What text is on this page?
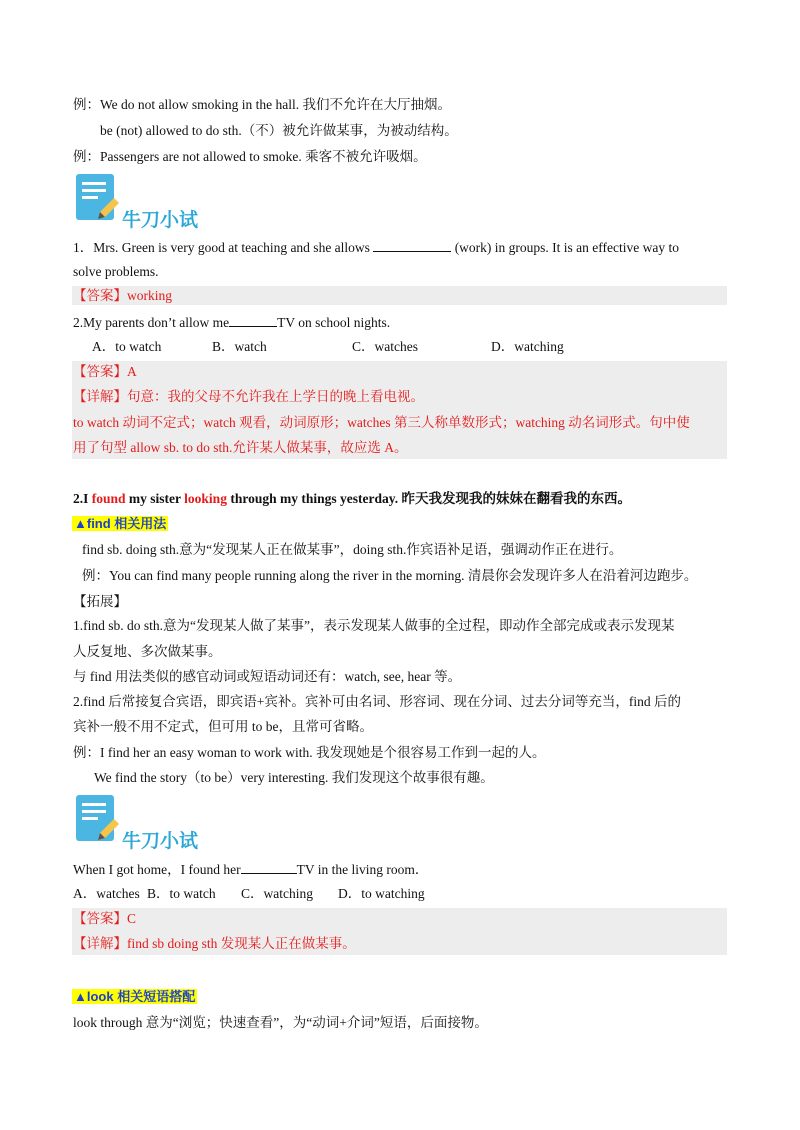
例：We do not allow smoking in the hall. 我们不允许在大厅抽烟。
be (not) allowed to do sth.（不）被允许做某事，为被动结构。
例：Passengers are not allowed to smoke. 乘客不被允许吸烟。
牛刀小试
1．Mrs. Green is very good at teaching and she allows	(work) in groups. It is an effective way to
solve problems.
【答案】working
2.My parents don’t allow me	TV on school nights.
A．to watch	B．watch	C．watches	D．watching
【答案】A
【详解】句意：我的父母不允许我在上学日的晚上看电视。
to watch 动词不定式；watch 观看，动词原形；watches 第三人称单数形式；watching 动名词形式。句中使
用了句型 allow sb. to do sth.允许某人做某事，故应选 A。
2.I found my sister looking through my things yesterday. 昨天我发现我的妹妹在翻看我的东西。
▲find 相关用法
find sb. doing sth.意为“发现某人正在做某事”，doing sth.作宾语补足语，强调动作正在进行。
例：You can find many people running along the river in the morning. 清晨你会发现许多人在沿着河边跑步。
【拓展】
1.find sb. do sth.意为“发现某人做了某事”，表示发现某人做事的全过程，即动作全部完成或表示发现某
人反复地、多次做某事。
与 find 用法类似的感官动词或短语动词还有：watch, see, hear 等。
2.find 后常接复合宾语，即宾语+宾补。宾补可由名词、形容词、现在分词、过去分词等充当，find 后的
宾补一般不用不定式，但可用 to be，且常可省略。
例：I find her an easy woman to work with. 我发现她是个很容易工作到一起的人。
We find the story（to be）very interesting. 我们发现这个故事很有趣。
牛刀小试
When I got home，I found her	TV in the living room．
A．watches B．to watch C．watching D．to watching
【答案】C
【详解】find sb doing sth 发现某人正在做某事。
▲look 相关短语搭配
look through 意为“浏览；快速查看”，为“动词+介词”短语，后面接物。
